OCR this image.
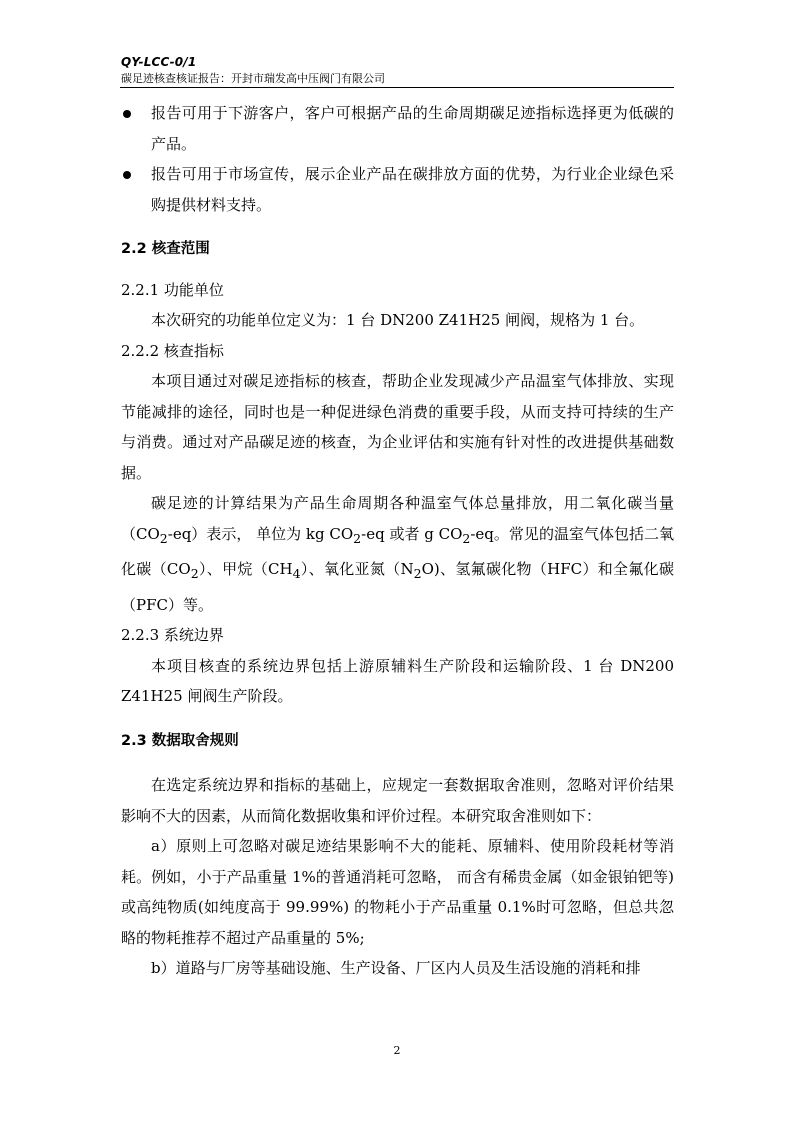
QY-LCC-0/1
碳足迹核查核证报告：开封市瑞发高中压阀门有限公司

报告可用于下游客户，客户可根据产品的生命周期碳足迹指标选择更为低碳的产品。

报告可用于市场宣传，展示企业产品在碳排放方面的优势，为行业企业绿色采购提供材料支持。

2.2 核查范围

2.2.1 功能单位

本次研究的功能单位定义为：1 台 DN200 Z41H25 闸阀，规格为 1 台。

2.2.2 核查指标

本项目通过对碳足迹指标的核查，帮助企业发现减少产品温室气体排放、实现节能减排的途径，同时也是一种促进绿色消费的重要手段，从而支持可持续的生产与消费。通过对产品碳足迹的核查，为企业评估和实施有针对性的改进提供基础数据。

碳足迹的计算结果为产品生命周期各种温室气体总量排放，用二氧化碳当量$(CO_2-eq)$表示， 单位为 kg $CO_2-eq$ 或者 g $CO_2-eq$。常见的温室气体包括二氧化碳$(CO_2)$、甲烷$(CH_4)$、氧化亚氮$(N_2O)$、氢氟碳化物（HFC）和全氟化碳（PFC）等。

2.2.3 系统边界

本项目核查的系统边界包括上游原辅料生产阶段和运输阶段、1 台 DN200 Z41H25 闸阀生产阶段。

2.3 数据取舍规则

在选定系统边界和指标的基础上，应规定一套数据取舍准则，忽略对评价结果影响不大的因素，从而简化数据收集和评价过程。本研究取舍准则如下：

a）原则上可忽略对碳足迹结果影响不大的能耗、原辅料、使用阶段耗材等消耗。例如，小于产品重量 1%的普通消耗可忽略， 而含有稀贵金属（如金银铂钯等)或高纯物质(如纯度高于 99.99%) 的物耗小于产品重量 0.1%时可忽略，但总共忽略的物耗推荐不超过产品重量的 5%;

b）道路与厂房等基础设施、生产设备、厂区内人员及生活设施的消耗和排

2
